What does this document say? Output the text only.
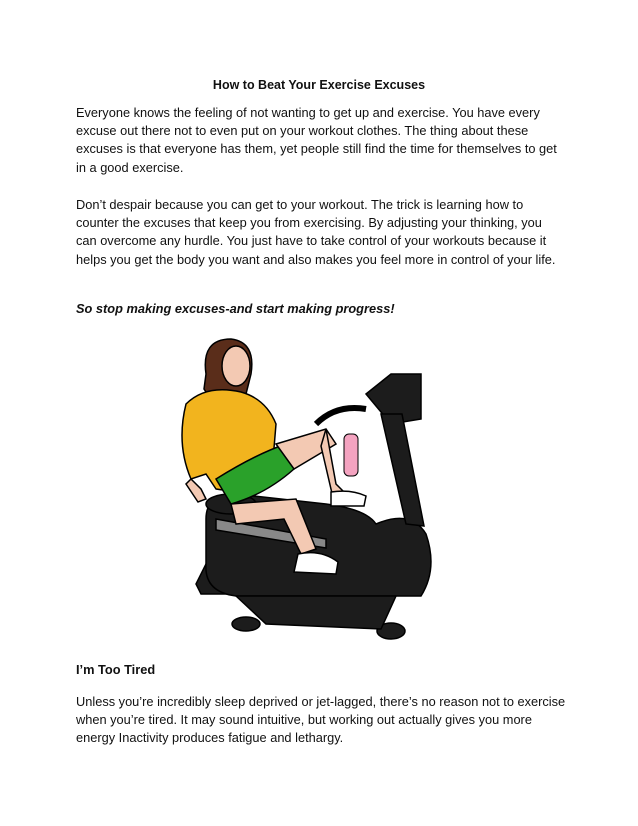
How to Beat Your Exercise Excuses

Everyone knows the feeling of not wanting to get up and exercise. You have every excuse out there not to even put on your workout clothes. The thing about these excuses is that everyone has them, yet people still find the time for themselves to get in a good exercise.

Don’t despair because you can get to your workout. The trick is learning how to counter the excuses that keep you from exercising. By adjusting your thinking, you can overcome any hurdle. You just have to take control of your workouts because it helps you get the body you want and also makes you feel more in control of your life.

So stop making excuses-and start making progress!

I’m Too Tired

Unless you’re incredibly sleep deprived or jet-lagged, there’s no reason not to exercise when you’re tired. It may sound intuitive, but working out actually gives you more energy Inactivity produces fatigue and lethargy.
